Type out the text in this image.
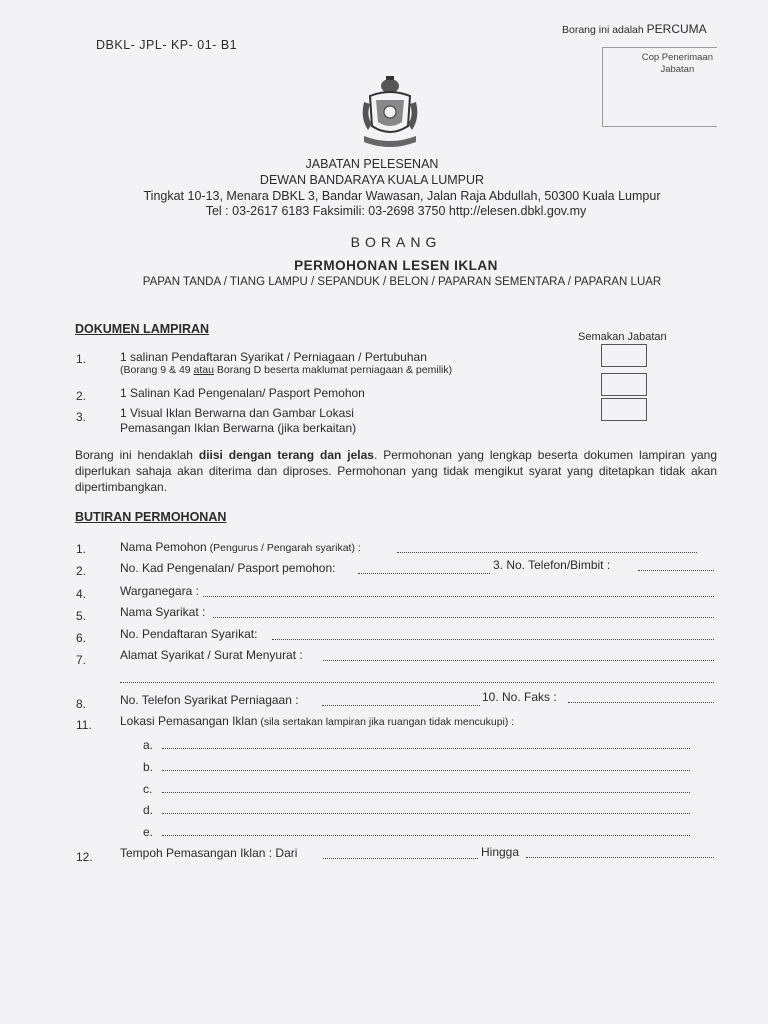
DBKL- JPL- KP- 01- B1
Borang ini adalah PERCUMA
Cop Penerimaan
Jabatan
JABATAN PELESENAN
DEWAN BANDARAYA KUALA LUMPUR
Tingkat 10-13, Menara DBKL 3, Bandar Wawasan, Jalan Raja Abdullah, 50300 Kuala Lumpur
Tel : 03-2617 6183 Faksimili: 03-2698 3750 http://elesen.dbkl.gov.my
BORANG
PERMOHONAN LESEN IKLAN
PAPAN TANDA / TIANG LAMPU / SEPANDUK / BELON / PAPARAN SEMENTARA / PAPARAN LUAR
DOKUMEN LAMPIRAN
Semakan Jabatan
1.	1 salinan Pendaftaran Syarikat / Perniagaan / Pertubuhan
(Borang 9 & 49 atau Borang D beserta maklumat perniagaan & pemilik)
2.	1 Salinan Kad Pengenalan/ Pasport Pemohon
3.	1 Visual Iklan Berwarna dan Gambar Lokasi
Pemasangan Iklan Berwarna (jika berkaitan)
Borang ini hendaklah diisi dengan terang dan jelas. Permohonan yang lengkap beserta dokumen lampiran yang diperlukan sahaja akan diterima dan diproses. Permohonan yang tidak mengikut syarat yang ditetapkan tidak akan dipertimbangkan.
BUTIRAN PERMOHONAN
1.	Nama Pemohon (Pengurus / Pengarah syarikat) :
2.	No. Kad Pengenalan/ Pasport pemohon:	3. No. Telefon/Bimbit :
4.	Warganegara :
5.	Nama Syarikat :
6.	No. Pendaftaran Syarikat:
7.	Alamat Syarikat / Surat Menyurat :
8.	No. Telefon Syarikat Perniagaan :	10. No. Faks :
11. Lokasi Pemasangan Iklan (sila sertakan lampiran jika ruangan tidak mencukupi) :
a.
b.
c.
d.
e.
12. Tempoh Pemasangan Iklan : Dari	Hingga
